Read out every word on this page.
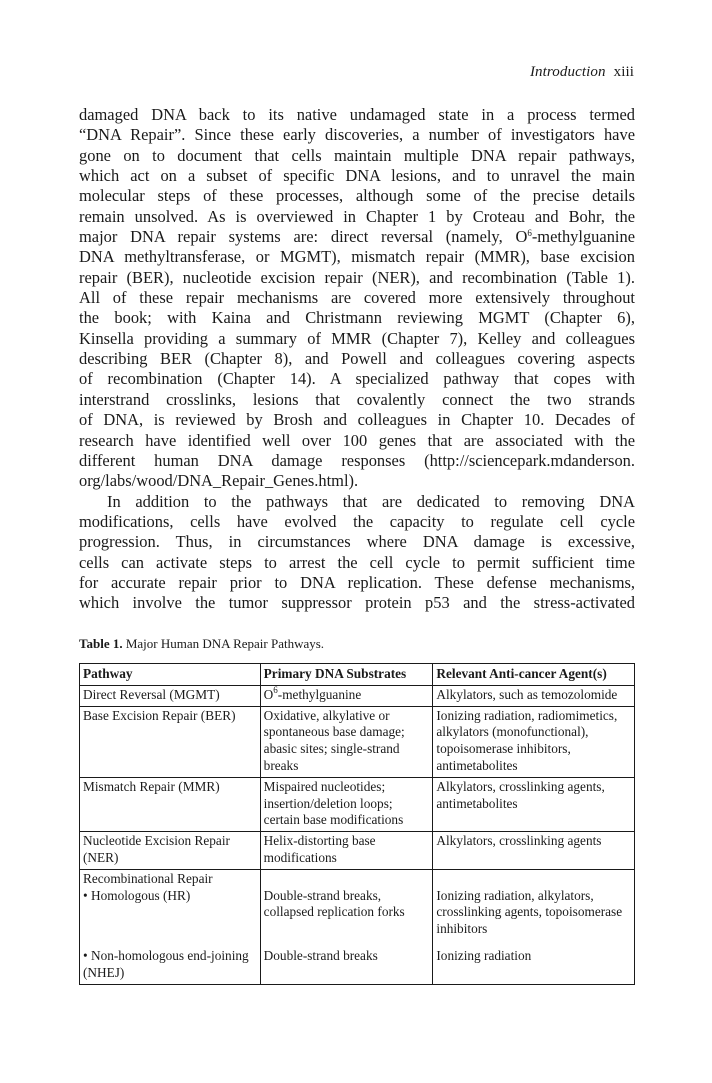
Introduction xiii
damaged DNA back to its native undamaged state in a process termed
“DNA Repair”. Since these early discoveries, a number of investigators have
gone on to document that cells maintain multiple DNA repair pathways,
which act on a subset of specific DNA lesions, and to unravel the main
molecular steps of these processes, although some of the precise details
remain unsolved. As is overviewed in Chapter 1 by Croteau and Bohr, the
major DNA repair systems are: direct reversal (namely, $O^6$-methylguanine
DNA methyltransferase, or MGMT), mismatch repair (MMR), base excision
repair (BER), nucleotide excision repair (NER), and recombination (Table 1).
All of these repair mechanisms are covered more extensively throughout
the book; with Kaina and Christmann reviewing MGMT (Chapter 6),
Kinsella providing a summary of MMR (Chapter 7), Kelley and colleagues
describing BER (Chapter 8), and Powell and colleagues covering aspects
of recombination (Chapter 14). A specialized pathway that copes with
interstrand crosslinks, lesions that covalently connect the two strands
of DNA, is reviewed by Brosh and colleagues in Chapter 10. Decades of
research have identified well over 100 genes that are associated with the
different human DNA damage responses (http://sciencepark.mdanderson.
org/labs/wood/DNA_Repair_Genes.html).
In addition to the pathways that are dedicated to removing DNA
modifications, cells have evolved the capacity to regulate cell cycle
progression. Thus, in circumstances where DNA damage is excessive,
cells can activate steps to arrest the cell cycle to permit sufficient time
for accurate repair prior to DNA replication. These defense mechanisms,
which involve the tumor suppressor protein p53 and the stress-activated
Table 1. Major Human DNA Repair Pathways.
Pathway	Primary DNA Substrates	Relevant Anti-cancer Agent(s)
Direct Reversal (MGMT)	$O^6$-methylguanine	Alkylators, such as temozolomide
Base Excision Repair (BER)	Oxidative, alkylative or spontaneous base damage; abasic sites; single-strand breaks	Ionizing radiation, radiomimetics, alkylators (monofunctional), topoisomerase inhibitors, antimetabolites
Mismatch Repair (MMR)	Mispaired nucleotides; insertion/deletion loops; certain base modifications	Alkylators, crosslinking agents, antimetabolites
Nucleotide Excision Repair (NER)	Helix-distorting base modifications	Alkylators, crosslinking agents

Recombinational Repair
• Homologous (HR)	Double-strand breaks, collapsed replication forks	Ionizing radiation, alkylators, crosslinking agents, topoisomerase inhibitors

• Non-homologous end-joining (NHEJ)	Double-strand breaks	Ionizing radiation
